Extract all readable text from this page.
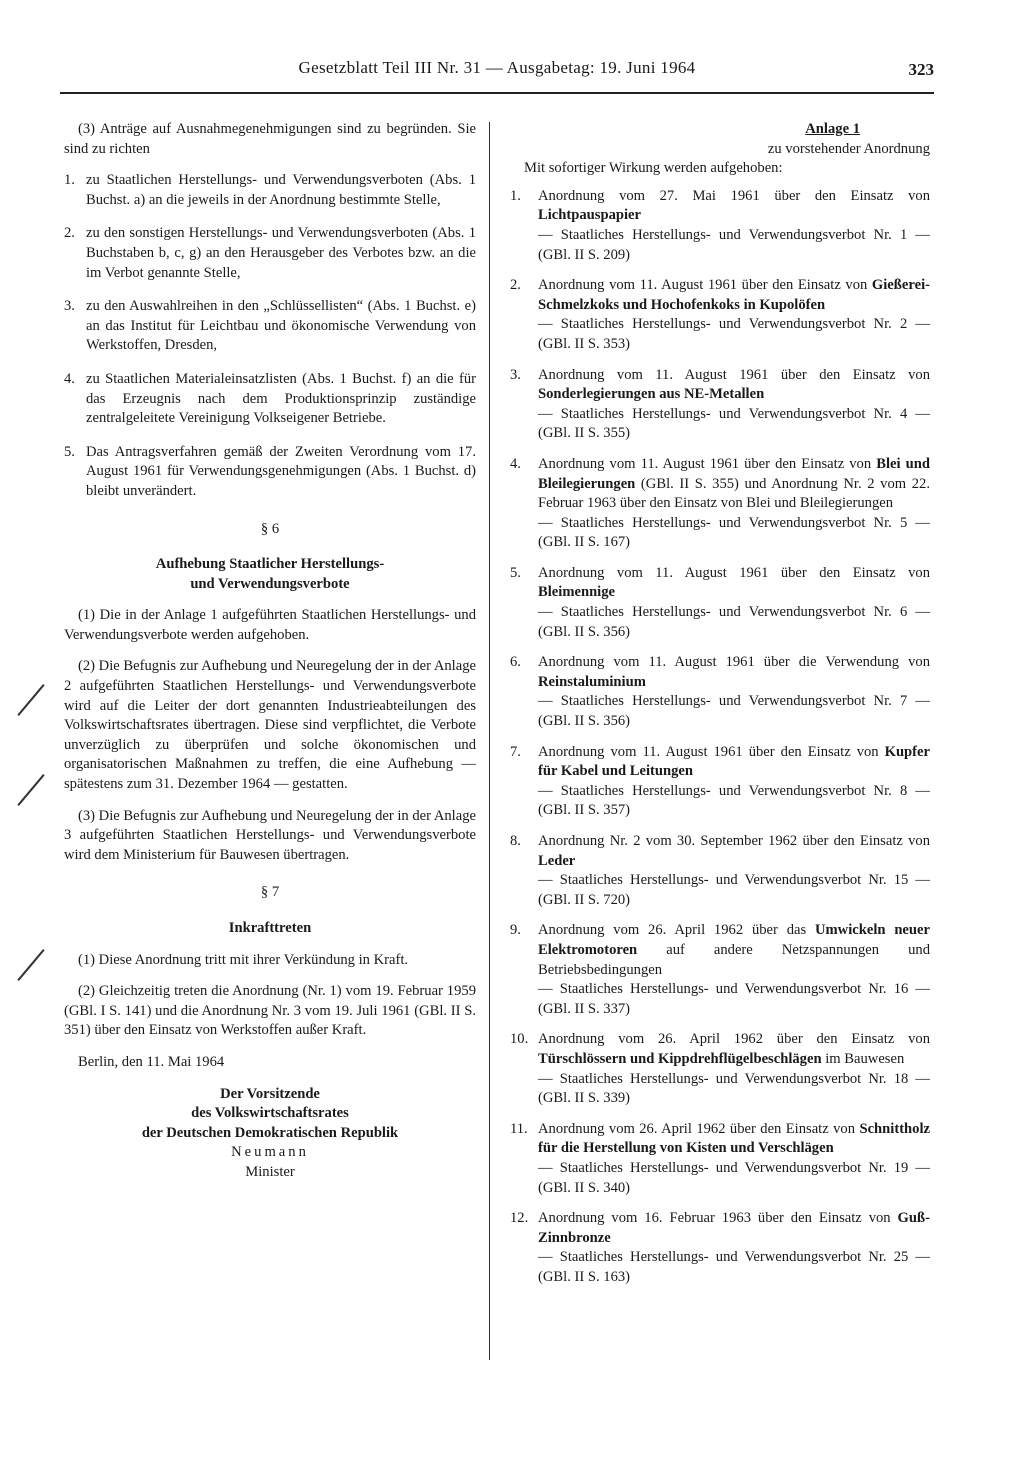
Gesetzblatt Teil III Nr. 31 — Ausgabetag: 19. Juni 1964	323

(3) Anträge auf Ausnahmegenehmigungen sind zu begründen. Sie sind zu richten

1. zu Staatlichen Herstellungs- und Verwendungsverboten (Abs. 1 Buchst. a) an die jeweils in der Anordnung bestimmte Stelle,
2. zu den sonstigen Herstellungs- und Verwendungsverboten (Abs. 1 Buchstaben b, c, g) an den Herausgeber des Verbotes bzw. an die im Verbot genannte Stelle,
3. zu den Auswahlreihen in den „Schlüssellisten“ (Abs. 1 Buchst. e) an das Institut für Leichtbau und ökonomische Verwendung von Werkstoffen, Dresden,
4. zu Staatlichen Materialeinsatzlisten (Abs. 1 Buchst. f) an die für das Erzeugnis nach dem Produktionsprinzip zuständige zentralgeleitete Vereinigung Volkseigener Betriebe.
5. Das Antragsverfahren gemäß der Zweiten Verordnung vom 17. August 1961 für Verwendungsgenehmigungen (Abs. 1 Buchst. d) bleibt unverändert.
§ 6
Aufhebung Staatlicher Herstellungs-
und Verwendungsverbote

(1) Die in der Anlage 1 aufgeführten Staatlichen Herstellungs- und Verwendungsverbote werden aufgehoben.

(2) Die Befugnis zur Aufhebung und Neuregelung der in der Anlage 2 aufgeführten Staatlichen Herstellungs- und Verwendungsverbote wird auf die Leiter der dort genannten Industrieabteilungen des Volkswirtschaftsrates übertragen. Diese sind verpflichtet, die Verbote unverzüglich zu überprüfen und solche ökonomischen und organisatorischen Maßnahmen zu treffen, die eine Aufhebung — spätestens zum 31. Dezember 1964 — gestatten.

(3) Die Befugnis zur Aufhebung und Neuregelung der in der Anlage 3 aufgeführten Staatlichen Herstellungs- und Verwendungsverbote wird dem Ministerium für Bauwesen übertragen.

§ 7
Inkrafttreten

(1) Diese Anordnung tritt mit ihrer Verkündung in Kraft.

(2) Gleichzeitig treten die Anordnung (Nr. 1) vom 19. Februar 1959 (GBl. I S. 141) und die Anordnung Nr. 3 vom 19. Juli 1961 (GBl. II S. 351) über den Einsatz von Werkstoffen außer Kraft.

Berlin, den 11. Mai 1964

Der Vorsitzende
des Volkswirtschaftsrates
der Deutschen Demokratischen Republik
Neumann
Minister
Anlage 1
zu vorstehender Anordnung

Mit sofortiger Wirkung werden aufgehoben:

1.	Anordnung vom 27. Mai 1961 über den Einsatz von Lichtpauspapier
— Staatliches Herstellungs- und Verwendungsverbot Nr. 1 — (GBl. II S. 209)
2.	Anordnung vom 11. August 1961 über den Einsatz von Gießerei-Schmelzkoks und Hochofenkoks in Kupolöfen
— Staatliches Herstellungs- und Verwendungsverbot Nr. 2 — (GBl. II S. 353)
3.	Anordnung vom 11. August 1961 über den Einsatz von Sonderlegierungen aus NE-Metallen
— Staatliches Herstellungs- und Verwendungsverbot Nr. 4 — (GBl. II S. 355)
4.	Anordnung vom 11. August 1961 über den Einsatz von Blei und Bleilegierungen (GBl. II S. 355) und Anordnung Nr. 2 vom 22. Februar 1963 über den Einsatz von Blei und Bleilegierungen
— Staatliches Herstellungs- und Verwendungsverbot Nr. 5 — (GBl. II S. 167)
5.	Anordnung vom 11. August 1961 über den Einsatz von Bleimennige
— Staatliches Herstellungs- und Verwendungsverbot Nr. 6 — (GBl. II S. 356)
6.	Anordnung vom 11. August 1961 über die Verwendung von Reinstaluminium
— Staatliches Herstellungs- und Verwendungsverbot Nr. 7 — (GBl. II S. 356)
7.	Anordnung vom 11. August 1961 über den Einsatz von Kupfer für Kabel und Leitungen
— Staatliches Herstellungs- und Verwendungsverbot Nr. 8 — (GBl. II S. 357)
8.	Anordnung Nr. 2 vom 30. September 1962 über den Einsatz von Leder
— Staatliches Herstellungs- und Verwendungsverbot Nr. 15 — (GBl. II S. 720)
9.	Anordnung vom 26. April 1962 über das Umwickeln neuer Elektromotoren auf andere Netzspannungen und Betriebsbedingungen
— Staatliches Herstellungs- und Verwendungsverbot Nr. 16 — (GBl. II S. 337)
10. Anordnung vom 26. April 1962 über den Einsatz von Türschlössern und Kippdrehflügelbeschlägen im Bauwesen
— Staatliches Herstellungs- und Verwendungsverbot Nr. 18 — (GBl. II S. 339)
11. Anordnung vom 26. April 1962 über den Einsatz von Schnittholz für die Herstellung von Kisten und Verschlägen
— Staatliches Herstellungs- und Verwendungsverbot Nr. 19 — (GBl. II S. 340)
12. Anordnung vom 16. Februar 1963 über den Einsatz von Guß-Zinnbronze
— Staatliches Herstellungs- und Verwendungsverbot Nr. 25 — (GBl. II S. 163)
